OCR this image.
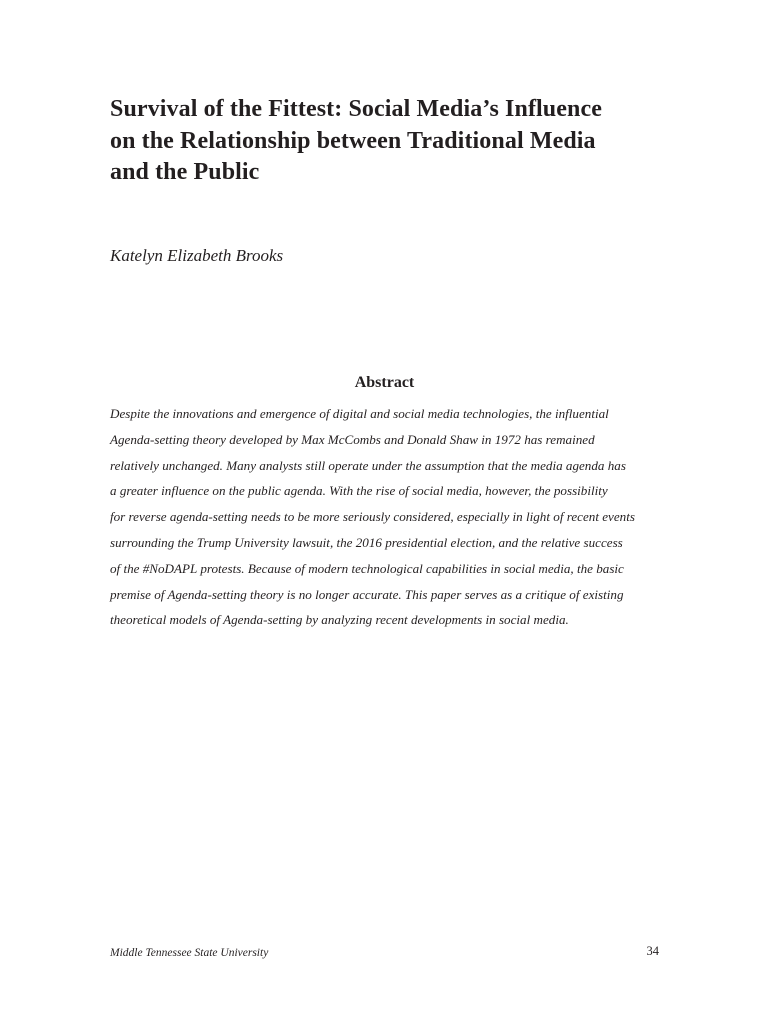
Survival of the Fittest: Social Media’s Influence
on the Relationship between Traditional Media
and the Public

Katelyn Elizabeth Brooks

Abstract
Despite the innovations and emergence of digital and social media technologies, the influential
Agenda-setting theory developed by Max McCombs and Donald Shaw in 1972 has remained
relatively unchanged. Many analysts still operate under the assumption that the media agenda has
a greater influence on the public agenda. With the rise of social media, however, the possibility
for reverse agenda-setting needs to be more seriously considered, especially in light of recent events
surrounding the Trump University lawsuit, the 2016 presidential election, and the relative success
of the #NoDAPL protests. Because of modern technological capabilities in social media, the basic
premise of Agenda-setting theory is no longer accurate. This paper serves as a critique of existing
theoretical models of Agenda-setting by analyzing recent developments in social media.

Middle Tennessee State University	34
